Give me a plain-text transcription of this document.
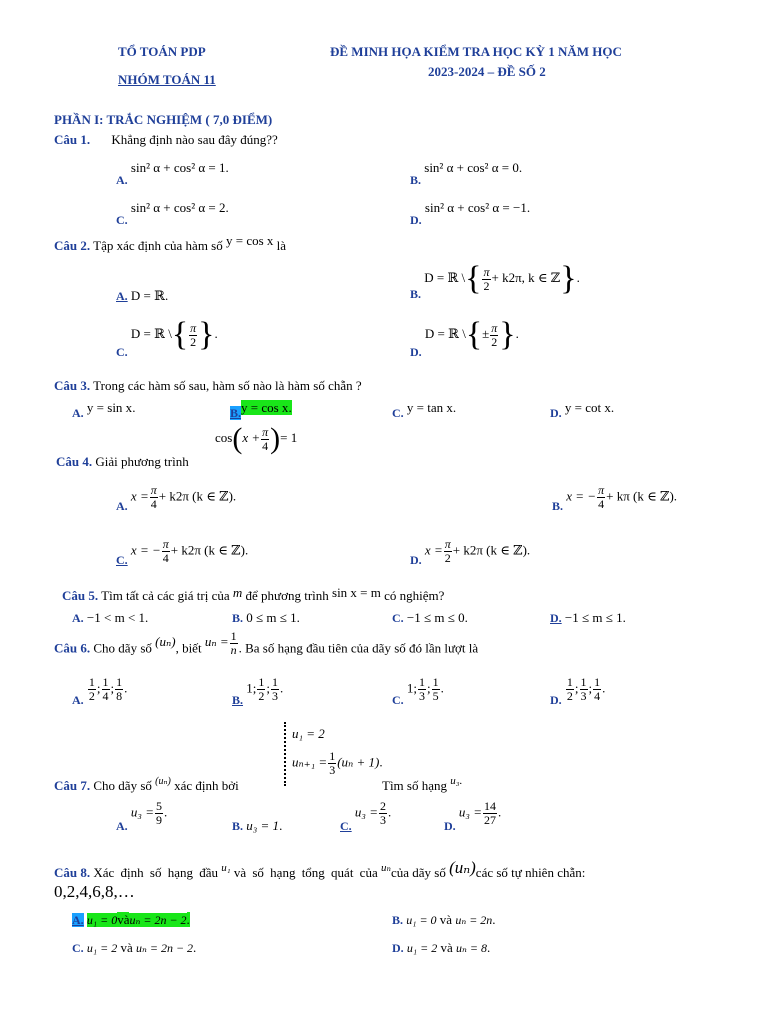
TỔ TOÁN PDP
NHÓM TOÁN 11
ĐỀ MINH HỌA KIỂM TRA HỌC KỲ 1 NĂM HỌC
2023-2024 – ĐỀ SỐ 2
PHẦN I: TRẮC NGHIỆM ( 7,0 ĐIỂM)
Câu 1. Khẳng định nào sau đây đúng??
A. sin² α + cos² α = 1.
B. sin² α + cos² α = 0.
C. sin² α + cos² α = 2.
D. sin² α + cos² α = −1.
Câu 2. Tập xác định của hàm số y = cos x là
A. D = ℝ.	B. D = ℝ \{ $\frac{\pi}{2} + k2\pi$, k ∈ ℤ}.
C. D = ℝ \{ $\frac{\pi}{2}$ }.
D. D = ℝ \{± $\frac{\pi}{2}$ }.
Câu 3. Trong các hàm số sau, hàm số nào là hàm số chẵn ?
A. y = sin x.	B.y = cos x.	C. y = tan x.	D. y = cot x.
Câu 4. Giải phương trình
$\cos(x + \frac{\pi}{4}$ )= 1
A. $x = \frac{\pi}{4} + k2\pi$ (k ∈ ℤ).
B. x = − $\frac{\pi}{4} + k\pi$ (k ∈ ℤ).
C. x = − $\frac{\pi}{4} + k2\pi$ (k ∈ ℤ).
D. $x = \frac{\pi}{2} + k2\pi$ (k ∈ ℤ).
Câu 5. Tìm tất cả các giá trị của m để phương trình sin x = m có nghiệm?
A. −1 < m < 1.	B. 0 ≤ m ≤ 1.	C. −1 ≤ m ≤ 0.	D. −1 ≤ m ≤ 1.
Câu 6. Cho dãy số (uₙ), biết $u_n = \frac{1}{n}$ . Ba số hạng đầu tiên của dãy số đó lần lượt là
A. $\frac{1}{2}$ ; $\frac{1}{4}$ ; $\frac{1}{8}$ .
B. 1; $\frac{1}{2}$ ; $\frac{1}{3}$ .
C. 1; $\frac{1}{3}$ ; $\frac{1}{5}$ .
D. $\frac{1}{2}$ ; $\frac{1}{3}$ ; $\frac{1}{4}$ .
Câu 7. Cho dãy số $^{(u_n)}$ xác định bởi
u₁ = 2
$u_{n+1} = \frac{1}{3} (u_n + 1)$.
Tìm số hạng $^{u_3.}$
A. $u_3 = \frac{5}{9}$ .
B. u₃ = 1.	C. $u_3 = \frac{2}{3}$ .
D. $u_3 = \frac{14}{27}$ .
Câu 8. Xác định số hạng đầu $^{u_1}$ và số hạng tổng quát của $^{u_n}$của dãy số (uₙ)các số tự nhiên chẵn:
0,2,4,6,8,…
A. u₁ = 0vàuₙ = 2n − 2.	B. u₁ = 0 và uₙ = 2n.
C. u₁ = 2 và uₙ = 2n − 2.	D. u₁ = 2 và uₙ = 8.
